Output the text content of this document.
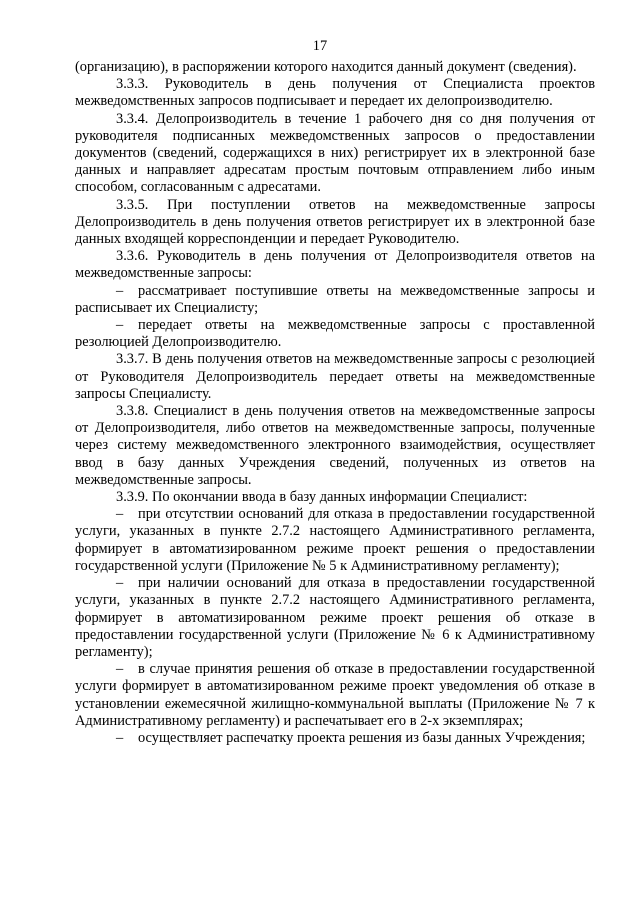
17

(организацию), в распоряжении которого находится данный документ (сведения).

3.3.3. Руководитель в день получения от Специалиста проектов межведомственных запросов подписывает и передает их делопроизводителю.

3.3.4. Делопроизводитель в течение 1 рабочего дня со дня получения от руководителя подписанных межведомственных запросов о предоставлении документов (сведений, содержащихся в них) регистрирует их в электронной базе данных и направляет адресатам простым почтовым отправлением либо иным способом, согласованным с адресатами.

3.3.5. При поступлении ответов на межведомственные запросы Делопроизводитель в день получения ответов регистрирует их в электронной базе данных входящей корреспонденции и передает Руководителю.

3.3.6. Руководитель в день получения от Делопроизводителя ответов на межведомственные запросы:

– рассматривает поступившие ответы на межведомственные запросы и расписывает их Специалисту;

– передает ответы на межведомственные запросы с проставленной резолюцией Делопроизводителю.

3.3.7. В день получения ответов на межведомственные запросы с резолюцией от Руководителя Делопроизводитель передает ответы на межведомственные запросы Специалисту.

3.3.8. Специалист в день получения ответов на межведомственные запросы от Делопроизводителя, либо ответов на межведомственные запросы, полученные через систему межведомственного электронного взаимодействия, осуществляет ввод в базу данных Учреждения сведений, полученных из ответов на межведомственные запросы.

3.3.9. По окончании ввода в базу данных информации Специалист:

– при отсутствии оснований для отказа в предоставлении государственной услуги, указанных в пункте 2.7.2 настоящего Административного регламента, формирует в автоматизированном режиме проект решения о предоставлении государственной услуги (Приложение № 5 к Административному регламенту);

– при наличии оснований для отказа в предоставлении государственной услуги, указанных в пункте 2.7.2 настоящего Административного регламента, формирует в автоматизированном режиме проект решения об отказе в предоставлении государственной услуги (Приложение № 6 к Административному регламенту);

– в случае принятия решения об отказе в предоставлении государственной услуги формирует в автоматизированном режиме проект уведомления об отказе в установлении ежемесячной жилищно-коммунальной выплаты (Приложение № 7 к Административному регламенту) и распечатывает его в 2-х экземплярах;

– осуществляет распечатку проекта решения из базы данных Учреждения;
